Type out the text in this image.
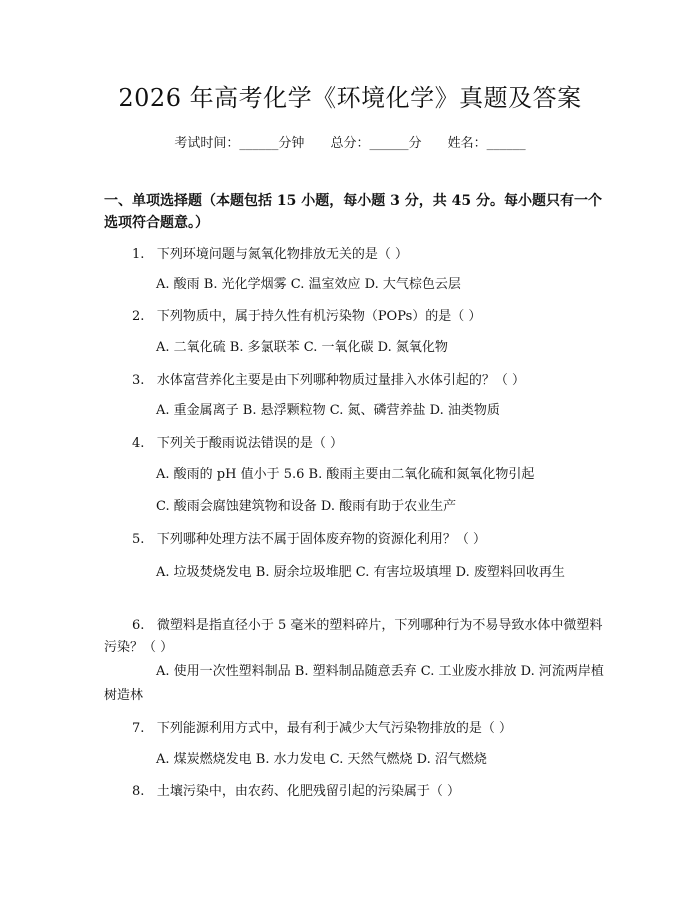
2026 年高考化学《环境化学》真题及答案
考试时间：______分钟 总分：______分 姓名：______
一、单项选择题（本题包括 15 小题，每小题 3 分，共 45 分。每小题只有一个选项符合题意。）
1. 下列环境问题与氮氧化物排放无关的是（ ）
A. 酸雨 B. 光化学烟雾 C. 温室效应 D. 大气棕色云层
2. 下列物质中，属于持久性有机污染物（POPs）的是（ ）
A. 二氧化硫 B. 多氯联苯 C. 一氧化碳 D. 氮氧化物
3. 水体富营养化主要是由下列哪种物质过量排入水体引起的？（ ）
A. 重金属离子 B. 悬浮颗粒物 C. 氮、磷营养盐 D. 油类物质
4. 下列关于酸雨说法错误的是（ ）
A. 酸雨的 pH 值小于 5.6 B. 酸雨主要由二氧化硫和氮氧化物引起
C. 酸雨会腐蚀建筑物和设备 D. 酸雨有助于农业生产
5. 下列哪种处理方法不属于固体废弃物的资源化利用？（ ）
A. 垃圾焚烧发电 B. 厨余垃圾堆肥 C. 有害垃圾填埋 D. 废塑料回收再生
6. 微塑料是指直径小于 5 毫米的塑料碎片，下列哪种行为不易导致水体中微塑料污染？（ ）
A. 使用一次性塑料制品 B. 塑料制品随意丢弃 C. 工业废水排放 D. 河流两岸植树造林
7. 下列能源利用方式中，最有利于减少大气污染物排放的是（ ）
A. 煤炭燃烧发电 B. 水力发电 C. 天然气燃烧 D. 沼气燃烧
8. 土壤污染中，由农药、化肥残留引起的污染属于（ ）
